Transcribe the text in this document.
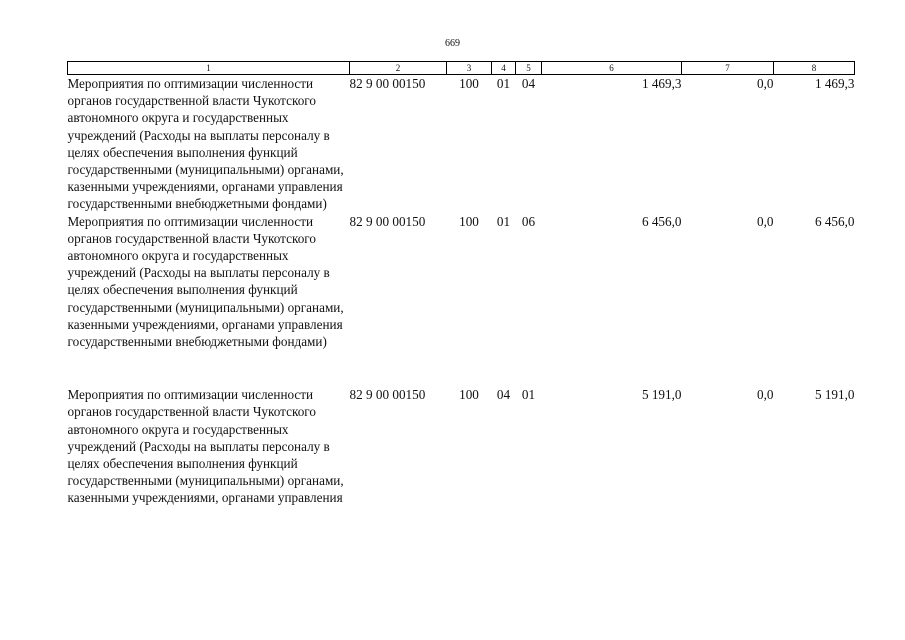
669
1	2	3	4	5	6	7	8
Мероприятия по оптимизации численности органов государственной власти Чукотского автономного округа и государственных учреждений (Расходы на выплаты персоналу в целях обеспечения выполнения функций государственными (муниципальными) органами, казенными учреждениями, органами управления государственными внебюджетными фондами)	82 9 00 00150	100	01	04	1 469,3	0,0	1 469,3
Мероприятия по оптимизации численности органов государственной власти Чукотского автономного округа и государственных учреждений (Расходы на выплаты персоналу в целях обеспечения выполнения функций государственными (муниципальными) органами, казенными учреждениями, органами управления государственными внебюджетными фондами)	82 9 00 00150	100	01	06	6 456,0	0,0	6 456,0

Мероприятия по оптимизации численности органов государственной власти Чукотского автономного округа и государственных учреждений (Расходы на выплаты персоналу в целях обеспечения выполнения функций государственными (муниципальными) органами, казенными учреждениями, органами управления	82 9 00 00150	100	04	01	5 191,0	0,0	5 191,0
